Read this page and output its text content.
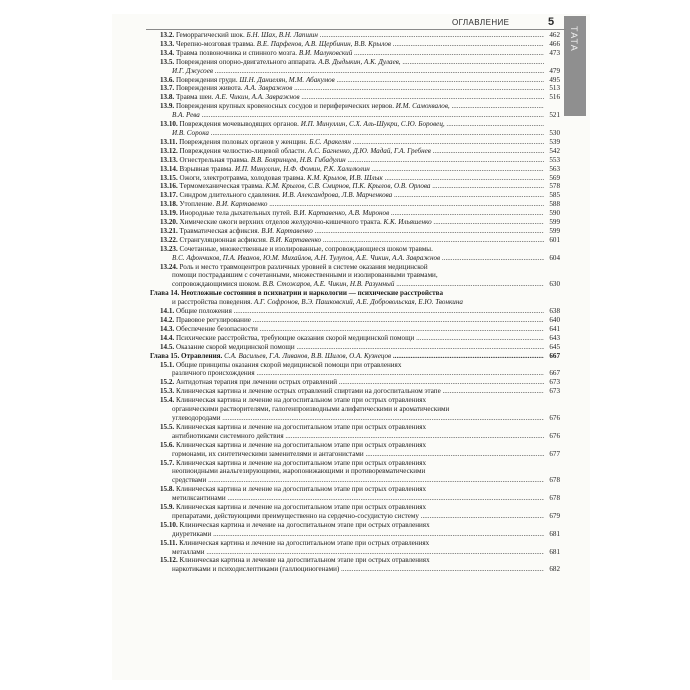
ТАТА
ОГЛАВЛЕНИЕ	5
13.2. Геморрагический шок. Б.Н. Шах, В.Н. Лапшин .....	462
13.3. Черепно-мозговая травма. В.Е. Парфенов, А.В. Щербинин, В.В. Крылов .....	466
13.4. Травма позвоночника и спинного мозга. В.И. Малуковский .....	473
13.5. Повреждения опорно-двигательного аппарата. А.В. Дыдыкин, А.К. Дулаев, .....
И.Г. Джусоев .....	479
13.6. Повреждения груди. Ш.Н. Даниелян, М.М. Абакумов .....	495
13.7. Повреждения живота. А.А. Завражнов .....	513
13.8. Травма шеи. А.Е. Чикин, А.А. Завражнов .....	516
13.9. Повреждения крупных кровеносных сосудов и периферических нервов. И.М. Самохвалов, .....
В.А. Рева .....	521
13.10. Повреждения мочевыводящих органов. И.П. Минуллин, С.Х. Аль-Шукри, С.Ю. Боровец, .....
И.В. Сорока .....	530
13.11. Повреждения половых органов у женщин. Б.С. Аракелян .....	539
13.12. Повреждения челюстно-лицевой области. А.С. Багненко, Д.Ю. Мадай, Г.А. Гребнев .....	542
13.13. Огнестрельная травма. В.В. Бояринцев, Н.В. Гибадулин .....	553
13.14. Взрывная травма. И.П. Минуллин, Н.Ф. Фомин, Р.К. Халилюлин .....	563
13.15. Ожоги, электротравма, холодовая травма. К.М. Крылов, И.В. Шлык .....	569
13.16. Термомеханическая травма. К.М. Крылов, С.В. Смирнов, П.К. Крылов, О.В. Орлова .....	578
13.17. Синдром длительного сдавления. И.В. Александрова, Л.В. Марченкова .....	585
13.18. Утопление. В.И. Картавенко .....	588
13.19. Инородные тела дыхательных путей. В.И. Картавенко, А.В. Миронов .....	590
13.20. Химические ожоги верхних отделов желудочно-кишечного тракта. К.К. Ильяшенко .....	599
13.21. Травматическая асфиксия. В.И. Картавенко .....	599
13.22. Странгуляционная асфиксия. В.И. Картавенко .....	601
13.23. Сочетанные, множественные и изолированные, сопровождающиеся шоком травмы.
В.С. Афончиков, П.А. Иванов, Ю.М. Михайлов, А.Н. Тулупов, А.Е. Чикин, А.А. Завражнов .....	604
13.24. Роль и место травмоцентров различных уровней в системе оказания медицинской
помощи пострадавшим с сочетанными, множественными и изолированными травмами,
сопровождающимися шоком. В.В. Стожаров, А.Е. Чикин, Н.В. Разумный .....	630
Глава 14. Неотложные состояния в психиатрии и наркологии — психические расстройства
и расстройства поведения. А.Г. Софронов, В.Э. Пашковский, А.Е. Добровольская, Е.Ю. Твонкина
14.1. Общие положения .....	638
14.2. Правовое регулирование .....	640
14.3. Обеспечение безопасности .....	641
14.4. Психические расстройства, требующие оказания скорой медицинской помощи .....	643
14.5. Оказание скорой медицинской помощи .....	645
Глава 15. Отравления. С.А. Васильев, Г.А. Ливанов, В.В. Шилов, О.А. Кузнецов .....	667
15.1. Общие принципы оказания скорой медицинской помощи при отравлениях
различного происхождения .....	667
15.2. Антидотная терапия при лечении острых отравлений .....	673
15.3. Клиническая картина и лечение острых отравлений спиртами на догоспитальном этапе .....	673
15.4. Клиническая картина и лечение на догоспитальном этапе при острых отравлениях
органическими растворителями, галогенпроизводными алифатическими и ароматическими
углеводородами .....	676
15.5. Клиническая картина и лечение на догоспитальном этапе при острых отравлениях
антибиотиками системного действия .....	676
15.6. Клиническая картина и лечение на догоспитальном этапе при острых отравлениях
гормонами, их синтетическими заменителями и антагонистами .....	677
15.7. Клиническая картина и лечение на догоспитальном этапе при острых отравлениях
неопиоидными анальгезирующими, жаропонижающими и противоревматическими
средствами .....	678
15.8. Клиническая картина и лечение на догоспитальном этапе при острых отравлениях
метилксантинами .....	678
15.9. Клиническая картина и лечение на догоспитальном этапе при острых отравлениях
препаратами, действующими преимущественно на сердечно-сосудистую систему .....	679
15.10. Клиническая картина и лечение на догоспитальном этапе при острых отравлениях
диуретиками .....	681
15.11. Клиническая картина и лечение на догоспитальном этапе при острых отравлениях
металлами .....	681
15.12. Клиническая картина и лечение на догоспитальном этапе при острых отравлениях
наркотиками и психодислептиками (галлюциногенами) .....	682
